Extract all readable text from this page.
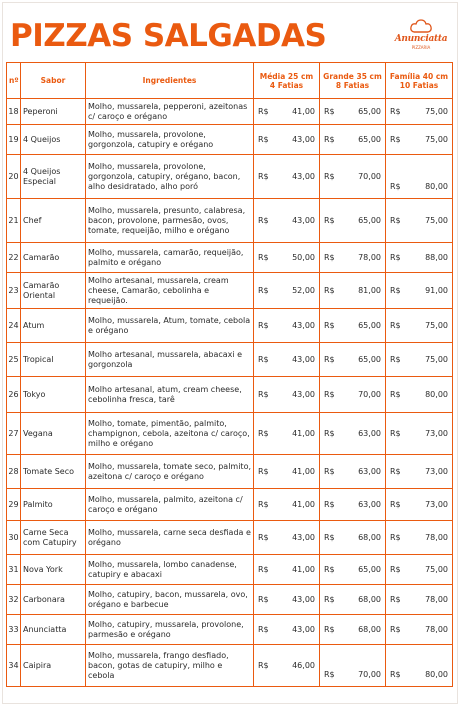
PIZZAS SALGADAS	Anunciatta
PIZZARIA
nº	Sabor	Ingredientes	Média 25 cm 4 Fatias	Grande 35 cm 8 Fatias	Família 40 cm 10 Fatias
18	Peperoni	Molho, mussarela, pepperoni, azeitonas c/ caroço e orégano	R$ 41,00	R$ 65,00	R$ 75,00

19	4 Queijos	Molho, mussarela, provolone, gorgonzola, catupiry e orégano	R$ 43,00	R$ 65,00	R$ 75,00

20	4 Queijos Especial	Molho, mussarela, provolone, gorgonzola, catupiry, orégano, bacon, alho desidratado, alho poró	R$ 43,00	R$ 70,00	R$ 80,00

21	Chef	Molho, mussarela, presunto, calabresa, bacon, provolone, parmesão, ovos, tomate, requeijão, milho e orégano	R$ 43,00	R$ 65,00	R$ 75,00

22	Camarão	Molho, mussarela, camarão, requeijão, palmito e orégano	R$ 50,00	R$ 78,00	R$ 88,00

23	Camarão Oriental	Molho artesanal, mussarela, cream cheese, Camarão, cebolinha e requeijão.	R$ 52,00	R$ 81,00	R$ 91,00

24	Atum	Molho, mussarela, Atum, tomate, cebola e orégano	R$ 43,00	R$ 65,00	R$ 75,00

25	Tropical	Molho artesanal, mussarela, abacaxi e gorgonzola	R$ 43,00	R$ 65,00	R$ 75,00

26	Tokyo	Molho artesanal, atum, cream cheese, cebolinha fresca, tarê	R$ 43,00	R$ 70,00	R$ 80,00

27	Vegana	Molho, tomate, pimentão, palmito, champignon, cebola, azeitona c/ caroço, milho e orégano	R$ 41,00	R$ 63,00	R$ 73,00

28	Tomate Seco	Molho, mussarela, tomate seco, palmito, azeitona c/ caroço e orégano	R$ 41,00	R$ 63,00	R$ 73,00

29	Palmito	Molho, mussarela, palmito, azeitona c/ caroço e orégano	R$ 41,00	R$ 63,00	R$ 73,00

30	Carne Seca com Catupiry	Molho, mussarela, carne seca desfiada e orégano	R$ 43,00	R$ 68,00	R$ 78,00

31	Nova York	Molho, mussarela, lombo canadense, catupiry e abacaxi	R$ 41,00	R$ 65,00	R$ 75,00

32	Carbonara	Molho, catupiry, bacon, mussarela, ovo, orégano e barbecue	R$ 43,00	R$ 68,00	R$ 78,00

33	Anunciatta	Molho, catupiry, mussarela, provolone, parmesão e orégano	R$ 43,00	R$ 68,00	R$ 78,00

34	Caipira	Molho, mussarela, frango desfiado, bacon, gotas de catupiry, milho e cebola	R$ 46,00	R$ 70,00	R$ 80,00
